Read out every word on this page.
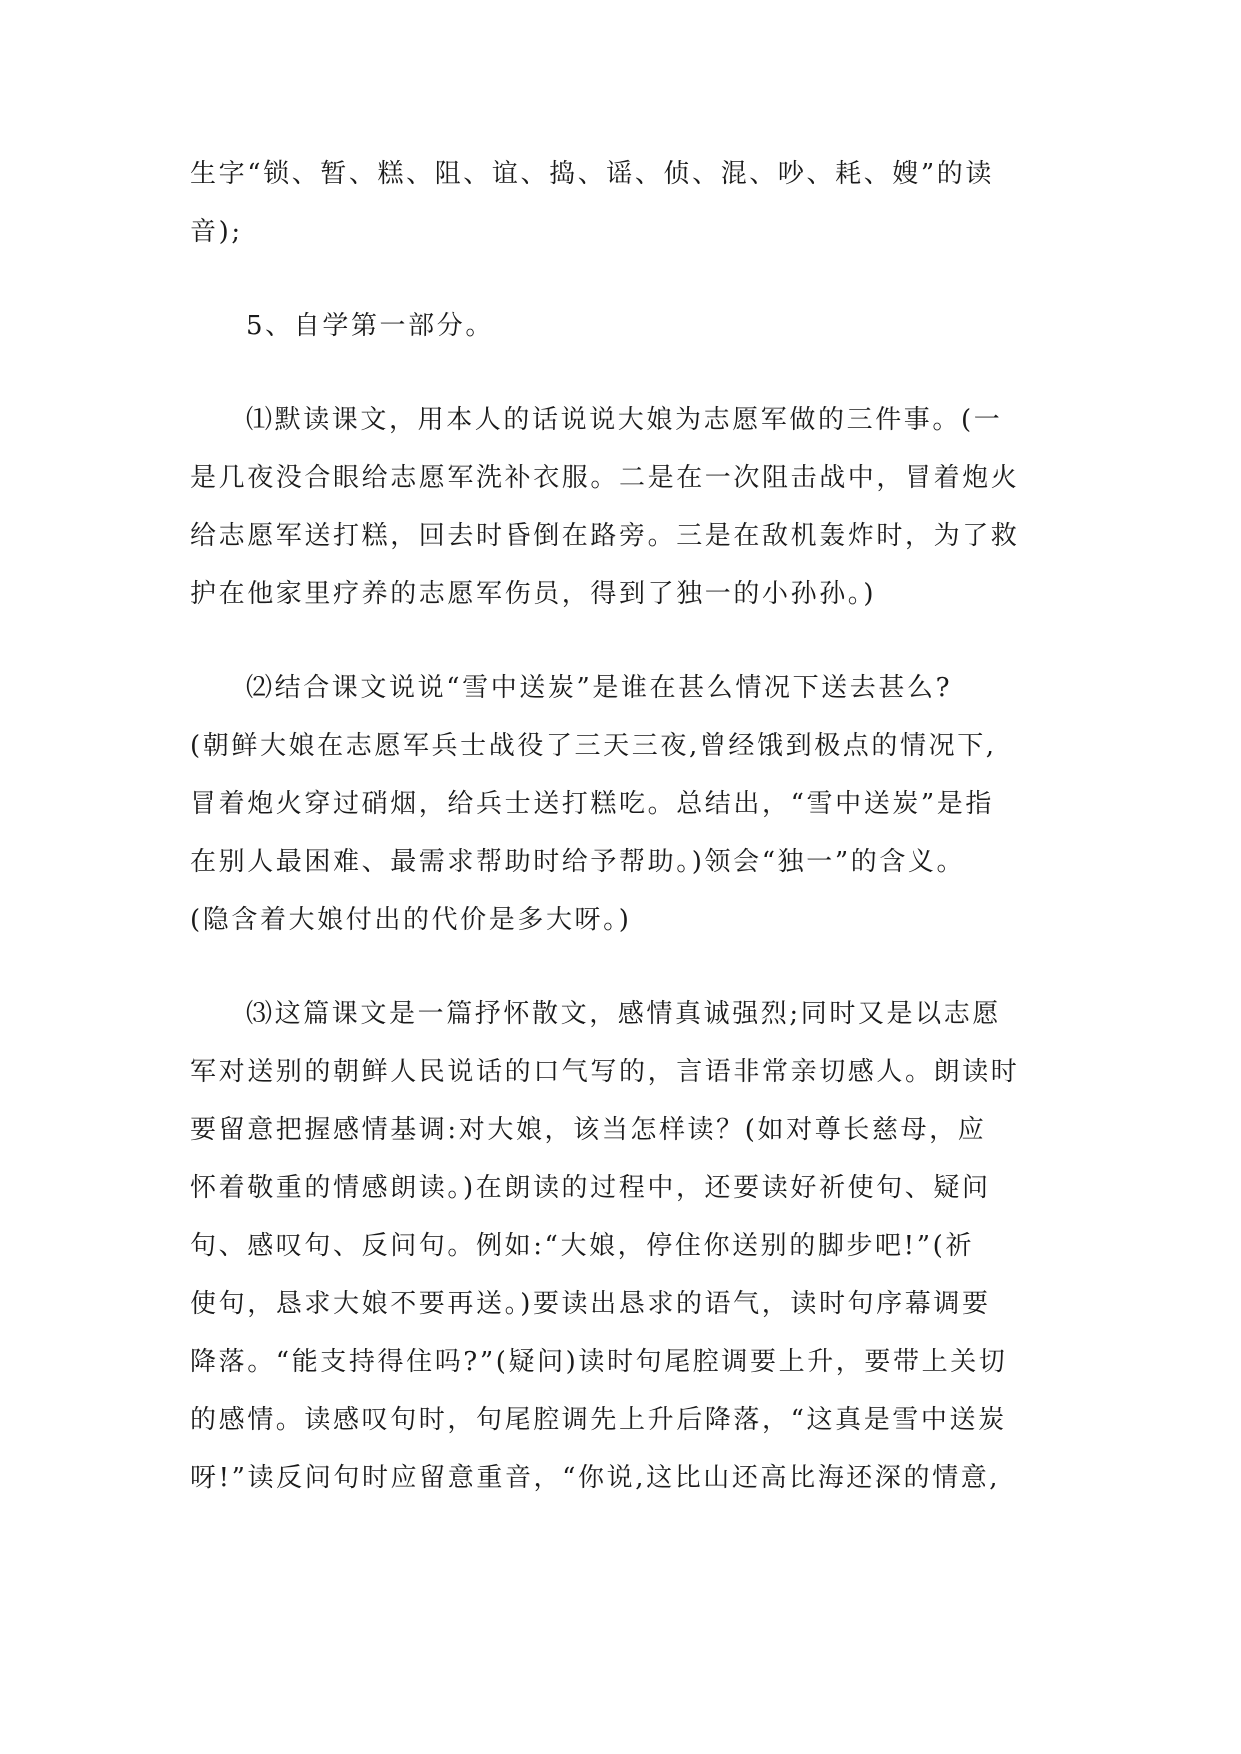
生字“锁、暂、糕、阻、谊、捣、谣、侦、混、吵、耗、嫂”的读
音);
5、自学第一部分。
⑴默读课文，用本人的话说说大娘为志愿军做的三件事。(一
是几夜没合眼给志愿军洗补衣服。二是在一次阻击战中，冒着炮火
给志愿军送打糕，回去时昏倒在路旁。三是在敌机轰炸时，为了救
护在他家里疗养的志愿军伤员，得到了独一的小孙孙。)
⑵结合课文说说“雪中送炭”是谁在甚么情况下送去甚么?
(朝鲜大娘在志愿军兵士战役了三天三夜,曾经饿到极点的情况下,
冒着炮火穿过硝烟，给兵士送打糕吃。总结出，“雪中送炭”是指
在别人最困难、最需求帮助时给予帮助。)领会“独一”的含义。
(隐含着大娘付出的代价是多大呀。)
⑶这篇课文是一篇抒怀散文，感情真诚强烈;同时又是以志愿
军对送别的朝鲜人民说话的口气写的，言语非常亲切感人。朗读时
要留意把握感情基调:对大娘，该当怎样读？(如对尊长慈母，应
怀着敬重的情感朗读。)在朗读的过程中，还要读好祈使句、疑问
句、感叹句、反问句。例如:“大娘，停住你送别的脚步吧!”(祈
使句，恳求大娘不要再送。)要读出恳求的语气，读时句序幕调要
降落。“能支持得住吗?”(疑问)读时句尾腔调要上升，要带上关切
的感情。读感叹句时，句尾腔调先上升后降落，“这真是雪中送炭
呀!”读反问句时应留意重音，“你说,这比山还高比海还深的情意,
